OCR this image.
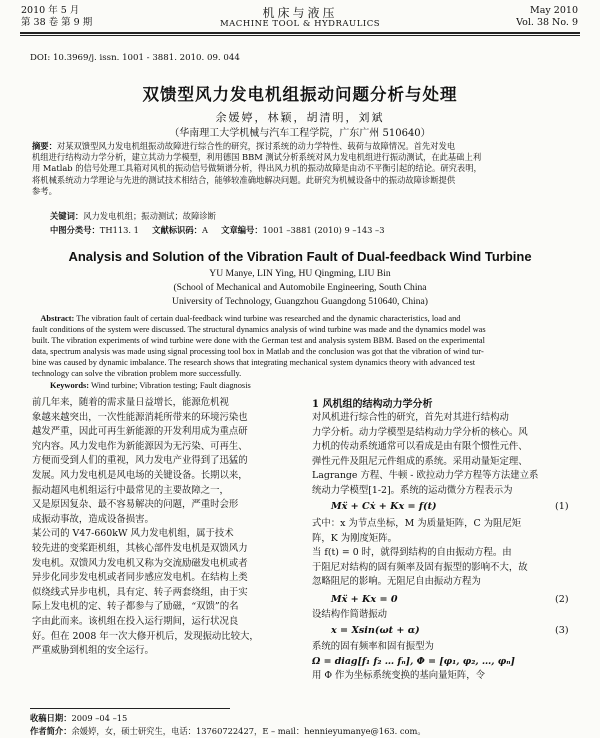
2010 年 5 月
第 38 卷 第 9 期
机床与液压
MACHINE TOOL & HYDRAULICS
May 2010
Vol. 38 No. 9
DOI: 10.3969/j. issn. 1001 - 3881. 2010. 09. 044
双馈型风力发电机组振动问题分析与处理
余媛婷，林颖，胡清明，刘斌
（华南理工大学机械与汽车工程学院，广东广州 510640）
摘要：对某双馈型风力发电机组振动故障进行综合性的研究，探讨系统的动力学特性、载荷与故障情况。首先对发电
机组进行结构动力学分析，建立其动力学模型，利用德国 BBM 测试分析系统对风力发电机组进行振动测试，在此基础上利
用 Matlab 的信号处理工具箱对风机的振动信号做频谱分析，得出风力机的振动故障是由动不平衡引起的结论。研究表明，
将机械系统动力学理论与先进的测试技术相结合，能够较准确地解决问题。此研究为机械设备中的振动故障诊断提供
参考。
关键词：风力发电机组；振动测试；故障诊断
中图分类号：TH113. 1 文献标识码：A 文章编号：1001 –3881 (2010) 9 –143 –3
Analysis and Solution of the Vibration Fault of Dual-feedback Wind Turbine
YU Manye, LIN Ying, HU Qingming, LIU Bin
(School of Mechanical and Automobile Engineering, South China
University of Technology, Guangzhou Guangdong 510640, China)
Abstract: The vibration fault of certain dual-feedback wind turbine was researched and the dynamic characteristics, load and
fault conditions of the system were discussed. The structural dynamics analysis of wind turbine was made and the dynamics model was
built. The vibration experiments of wind turbine were done with the German test and analysis system BBM. Based on the experimental
data, spectrum analysis was made using signal processing tool box in Matlab and the conclusion was got that the vibration of wind tur-
bine was caused by dynamic imbalance. The research shows that integrating mechanical system dynamics theory with advanced test
technology can solve the vibration problem more successfully.
Keywords: Wind turbine; Vibration testing; Fault diagnosis
前几年来，随着的需求量日益增长，能源危机视
象越来越突出，一次性能源消耗所带来的环境污染也
越发严重，因此可再生新能源的开发利用成为重点研
究内容。风力发电作为新能源因为无污染、可再生、
方便而受到人们的重视，风力发电产业得到了迅猛的
发展。风力发电机是风电场的关键设备。长期以来，
振动超风电机组运行中最常见的主要故障之一，
又是原因复杂、最不容易解决的问题，严重时会形
成振动事故，造成设备损害。
某公司的 V47-660kW 风力发电机组，属于技术
较先进的变桨距机组，其核心部件发电机是双馈风力
发电机。双馈风力发电机又称为交流励磁发电机或者
异步化同步发电机或者同步感应发电机。在结构上类
似绕线式异步电机，具有定、转子两套绕组，由于实
际上发电机的定、转子都参与了励磁，“双馈”的名
字由此而来。该机组在投入运行期间，运行状况良
好。但在 2008 年一次大修开机后，发现振动比较大，
严重威胁到机组的安全运行。
1 风机组的结构动力学分析
对风机进行综合性的研究，首先对其进行结构动
力学分析。动力学模型是结构动力学分析的核心。风
力机的传动系统通常可以看成是由有限个惯性元件、
弹性元件及阻尼元件组成的系统。采用动量矩定理、
Lagrange 方程、牛顿 - 欧拉动力学方程等方法建立系
统动力学模型[1-2]。系统的运动微分方程表示为
Mẍ + Cẋ + Kx = f(t)	(1)
式中：x 为节点坐标，M 为质量矩阵，C 为阻尼矩
阵，K 为刚度矩阵。
当 f(t) = 0 时，就得到结构的自由振动方程。由
于阻尼对结构的固有频率及固有振型的影响不大，故
忽略阻尼的影响。无阻尼自由振动方程为
Mẍ + Kx = 0	(2)
设结构作简谐振动
x = Xsin(ωt + α)	(3)
系统的固有频率和固有振型为
Ω = diag[f₁ f₂ … fₙ], Φ = [φ₁, φ₂, …, φₙ]
用 Φ 作为坐标系统变换的基向量矩阵，令
收稿日期：2009 –04 –15
作者简介：余媛婷，女，硕士研究生，电话：13760722427，E – mail：hennieyumanye@163. com。
